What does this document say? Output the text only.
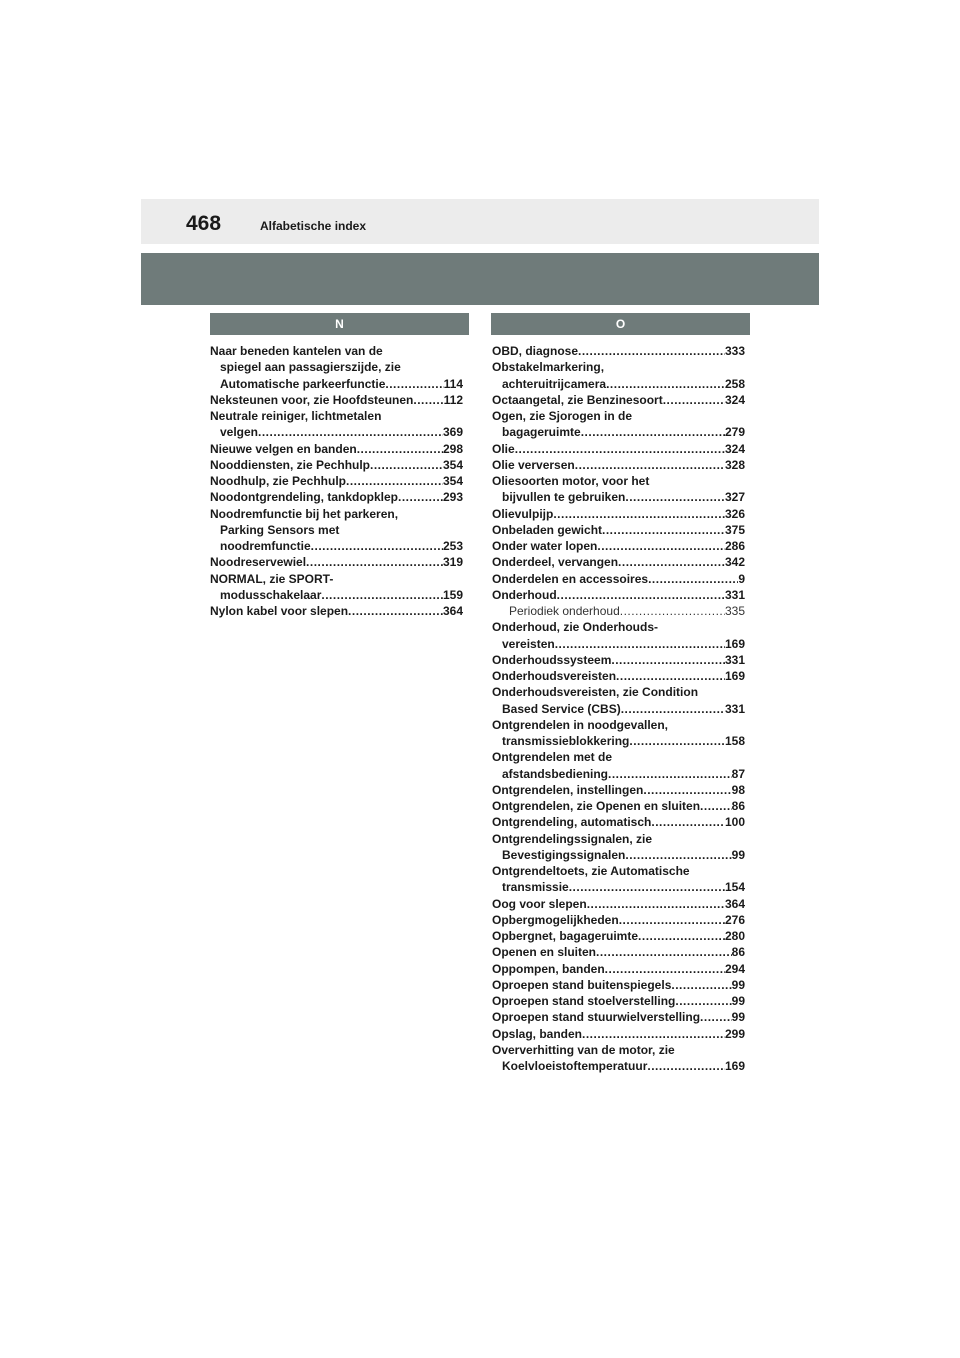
468	Alfabetische index
N	O
Naar beneden kantelen van de
spiegel aan passagierszijde, zie
Automatische parkeerfunctie .....	114
Neksteunen voor, zie Hoofdsteunen .....	112
Neutrale reiniger, lichtmetalen
velgen .....	369
Nieuwe velgen en banden .....	298
Nooddiensten, zie Pechhulp .....	354
Noodhulp, zie Pechhulp .....	354
Noodontgrendeling, tankdopklep .....	293
Noodremfunctie bij het parkeren,
Parking Sensors met
noodremfunctie .....	253
Noodreservewiel .....	319
NORMAL, zie SPORT-
modusschakelaar .....	159
Nylon kabel voor slepen .....	364
OBD, diagnose .....	333
Obstakelmarkering,
achteruitrijcamera .....	258
Octaangetal, zie Benzinesoort .....	324
Ogen, zie Sjorogen in de
bagageruimte .....	279
Olie .....	324
Olie verversen .....	328
Oliesoorten motor, voor het
bijvullen te gebruiken .....	327
Olievulpijp .....	326
Onbeladen gewicht .....	375
Onder water lopen .....	286
Onderdeel, vervangen .....	342
Onderdelen en accessoires .....	9
Onderhoud .....	331
Periodiek onderhoud .....	335
Onderhoud, zie Onderhouds-
vereisten .....	169
Onderhoudssysteem .....	331
Onderhoudsvereisten .....	169
Onderhoudsvereisten, zie Condition
Based Service (CBS) .....	331
Ontgrendelen in noodgevallen,
transmissieblokkering .....	158
Ontgrendelen met de
afstandsbediening .....	87
Ontgrendelen, instellingen .....	98
Ontgrendelen, zie Openen en sluiten .....	86
Ontgrendeling, automatisch .....	100
Ontgrendelingssignalen, zie
Bevestigingssignalen .....	99
Ontgrendeltoets, zie Automatische
transmissie .....	154
Oog voor slepen .....	364
Opbergmogelijkheden .....	276
Opbergnet, bagageruimte .....	280
Openen en sluiten .....	86
Oppompen, banden .....	294
Oproepen stand buitenspiegels .....	99
Oproepen stand stoelverstelling .....	99
Oproepen stand stuurwielverstelling .....	99
Opslag, banden .....	299
Oververhitting van de motor, zie
Koelvloeistoftemperatuur .....	169
